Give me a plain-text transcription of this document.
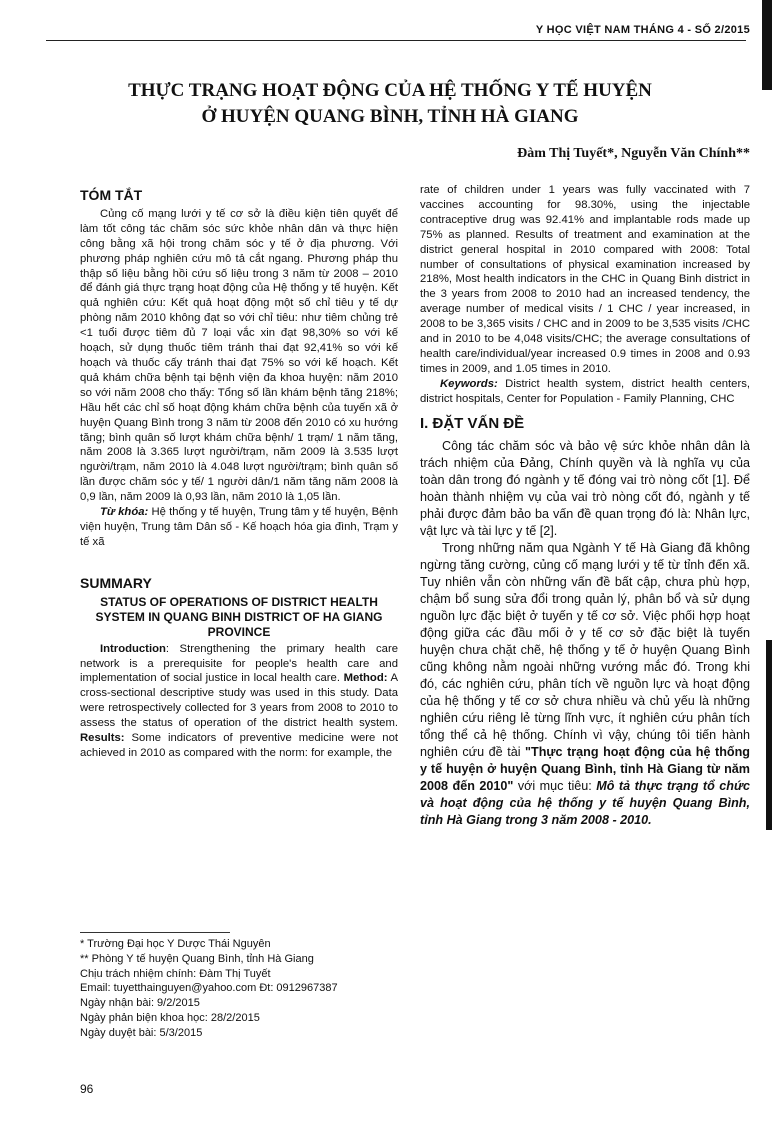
Y HỌC VIỆT NAM THÁNG 4 - SỐ 2/2015
THỰC TRẠNG HOẠT ĐỘNG CỦA HỆ THỐNG Y TẾ HUYỆN
Ở HUYỆN QUANG BÌNH, TỈNH HÀ GIANG
Đàm Thị Tuyết*, Nguyễn Văn Chính**
TÓM TẮT

Củng cố mạng lưới y tế cơ sở là điều kiện tiên quyết để làm tốt công tác chăm sóc sức khỏe nhân dân và thực hiện công bằng xã hội trong chăm sóc y tế ở địa phương. Với phương pháp nghiên cứu mô tả cắt ngang. Phương pháp thu thập số liệu bằng hồi cứu số liệu trong 3 năm từ 2008 – 2010 để đánh giá thực trạng hoạt động của Hệ thống y tế huyện. Kết quả nghiên cứu: Kết quả hoạt động một số chỉ tiêu y tế dự phòng năm 2010 không đạt so với chỉ tiêu: như tiêm chủng trẻ <1 tuổi được tiêm đủ 7 loại vắc xin đạt 98,30% so với kế hoạch, sử dụng thuốc tiêm tránh thai đạt 92,41% so với kế hoạch và thuốc cấy tránh thai đạt 75% so với kế hoạch. Kết quả khám chữa bệnh tại bệnh viện đa khoa huyện: năm 2010 so với năm 2008 cho thấy: Tổng số lần khám bệnh tăng 218%; Hầu hết các chỉ số hoạt động khám chữa bệnh của tuyến xã ở huyện Quang Bình trong 3 năm từ 2008 đến 2010 có xu hướng tăng; bình quân số lượt khám chữa bệnh/ 1 trạm/ 1 năm tăng, năm 2008 là 3.365 lượt người/trạm, năm 2009 là 3.535 lượt người/trạm, năm 2010 là 4.048 lượt người/trạm; bình quân số lần được chăm sóc y tế/ 1 người dân/1 năm tăng năm 2008 là 0,9 lần, năm 2009 là 0,93 lần, năm 2010 là 1,05 lần.

Từ khóa: Hệ thống y tế huyện, Trung tâm y tế huyện, Bệnh viện huyện, Trung tâm Dân số - Kế hoạch hóa gia đình, Trạm y tế xã

SUMMARY
STATUS OF OPERATIONS OF DISTRICT HEALTH SYSTEM IN QUANG BINH DISTRICT OF HA GIANG PROVINCE

Introduction: Strengthening the primary health care network is a prerequisite for people's health care and implementation of social justice in local health care. Method: A cross-sectional descriptive study was used in this study. Data were retrospectively collected for 3 years from 2008 to 2010 to assess the status of operation of the district health system. Results: Some indicators of preventive medicine were not achieved in 2010 as compared with the norm: for example, the

* Trường Đại học Y Dược Thái Nguyên
** Phòng Y tế huyện Quang Bình, tỉnh Hà Giang
Chịu trách nhiệm chính: Đàm Thị Tuyết
Email: tuyetthainguyen@yahoo.com Đt: 0912967387
Ngày nhận bài: 9/2/2015
Ngày phản biện khoa học: 28/2/2015
Ngày duyệt bài: 5/3/2015

rate of children under 1 years was fully vaccinated with 7 vaccines accounting for 98.30%, using the injectable contraceptive drug was 92.41% and implantable rods made up 75% as planned. Results of treatment and examination at the district general hospital in 2010 compared with 2008: Total number of consultations of physical examination increased by 218%, Most health indicators in the CHC in Quang Binh district in the 3 years from 2008 to 2010 had an increased tendency, the average number of medical visits / 1 CHC / year increased, in 2008 to be 3,365 visits / CHC and in 2009 to be 3,535 visits /CHC and in 2010 to be 4,048 visits/CHC; the average consultations of health care/individual/year increased 0.9 times in 2008 and 0.93 times in 2009, and 1.05 times in 2010.

Keywords: District health system, district health centers, district hospitals, Center for Population - Family Planning, CHC

I. ĐẶT VẤN ĐỀ

Công tác chăm sóc và bảo vệ sức khỏe nhân dân là trách nhiệm của Đảng, Chính quyền và là nghĩa vụ của toàn dân trong đó ngành y tế đóng vai trò nòng cốt [1]. Để hoàn thành nhiệm vụ của vai trò nòng cốt đó, ngành y tế phải được đảm bảo ba vấn đề quan trọng đó là: Nhân lực, vật lực và tài lực y tế [2].

Trong những năm qua Ngành Y tế Hà Giang đã không ngừng tăng cường, củng cố mạng lưới y tế từ tỉnh đến xã. Tuy nhiên vẫn còn những vấn đề bất cập, chưa phù hợp, chậm bổ sung sửa đổi trong quản lý, phân bổ và sử dụng nguồn lực đặc biệt ở tuyến y tế cơ sở. Việc phối hợp hoạt động giữa các đầu mối ở y tế cơ sở đặc biệt là tuyến huyện chưa chặt chẽ, hệ thống y tế ở huyện Quang Bình cũng không nằm ngoài những vướng mắc đó. Trong khi đó, các nghiên cứu, phân tích về nguồn lực và hoạt động của hệ thống y tế cơ sở chưa nhiều và chủ yếu là những nghiên cứu riêng lẻ từng lĩnh vực, ít nghiên cứu phân tích tổng thể cả hệ thống. Chính vì vậy, chúng tôi tiến hành nghiên cứu đề tài "Thực trạng hoạt động của hệ thống y tế huyện ở huyện Quang Bình, tỉnh Hà Giang từ năm 2008 đến 2010" với mục tiêu: Mô tả thực trạng tổ chức và hoạt động của hệ thống y tế huyện Quang Bình, tỉnh Hà Giang trong 3 năm 2008 - 2010.

96
